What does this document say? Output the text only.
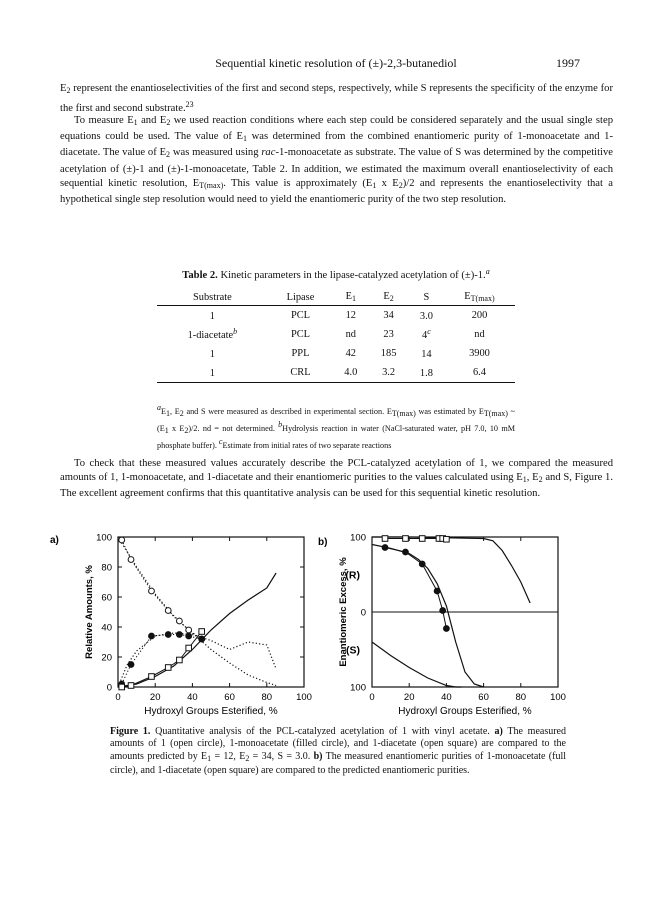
Sequential kinetic resolution of (±)-2,3-butanediol	1997

$E_2$ represent the enantioselectivities of the first and second steps, respectively, while S represents the specificity of the enzyme for the first and second substrate.$^{23}$

To measure $E_1$ and $E_2$ we used reaction conditions where each step could be considered separately and the usual single step equations could be used. The value of $E_1$ was determined from the combined enantiomeric purity of 1-monoacetate and 1-diacetate. The value of $E_2$ was measured using rac-1-monoacetate as substrate. The value of S was determined by the competitive acetylation of (±)-1 and (±)-1-monoacetate, Table 2. In addition, we estimated the maximum overall enantioselectivity of each sequential kinetic resolution, $E_{T(max)}$. This value is approximately ($E_1$ x $E_2)/2$ and represents the enantioselectivity that a hypothetical single step resolution would need to yield the enantiomeric purity of the two step resolution.

Table 2. Kinetic parameters in the lipase-catalyzed acetylation of (±)-1.$^a$
Substrate	Lipase	$E_1$	$E_2$	S	$E_{T(max)}$
1	PCL	12	34	3.0	200
1-diacetate$^b$	PCL	nd	23	4$^c$	nd
1	PPL	42	185	14	3900
1	CRL	4.0	3.2	1.8	6.4

aE1, E2 and S were measured as described in experimental section. ET(max) was estimated by ET(max) ~ (E1 x E2)/2. nd = not determined. bHydrolysis reaction in water (NaCl-saturated water, pH 7.0, 10 mM phosphate buffer). cEstimate from initial rates of two separate reactions

To check that these measured values accurately describe the PCL-catalyzed acetylation of 1, we compared the measured amounts of 1, 1-monoacetate, and 1-diacetate and their enantiomeric purities to the values calculated using $E_1$, $E_2$ and S, Figure 1. The excellent agreement confirms that this quantitative analysis can be used for this sequential kinetic resolution.

a)	b)
0	20	40	60	80	100
0
20
40
60
80
100
Hydroxyl Groups Esterified, %
Relative Amounts, %
0	20	40	60	80	100
100
0
100
Hydroxyl Groups Esterified, %
Enantiomeric Excess, %
(R)
(S)

Figure 1. Quantitative analysis of the PCL-catalyzed acetylation of 1 with vinyl acetate. a) The measured amounts of 1 (open circle), 1-monoacetate (filled circle), and 1-diacetate (open square) are compared to the amounts predicted by $E_1 = 12$, $E_2 = 34$, S = 3.0. b) The measured enantiomeric purities of 1-monoacetate (full circle), and 1-diacetate (open square) are compared to the predicted enantiomeric purities.
